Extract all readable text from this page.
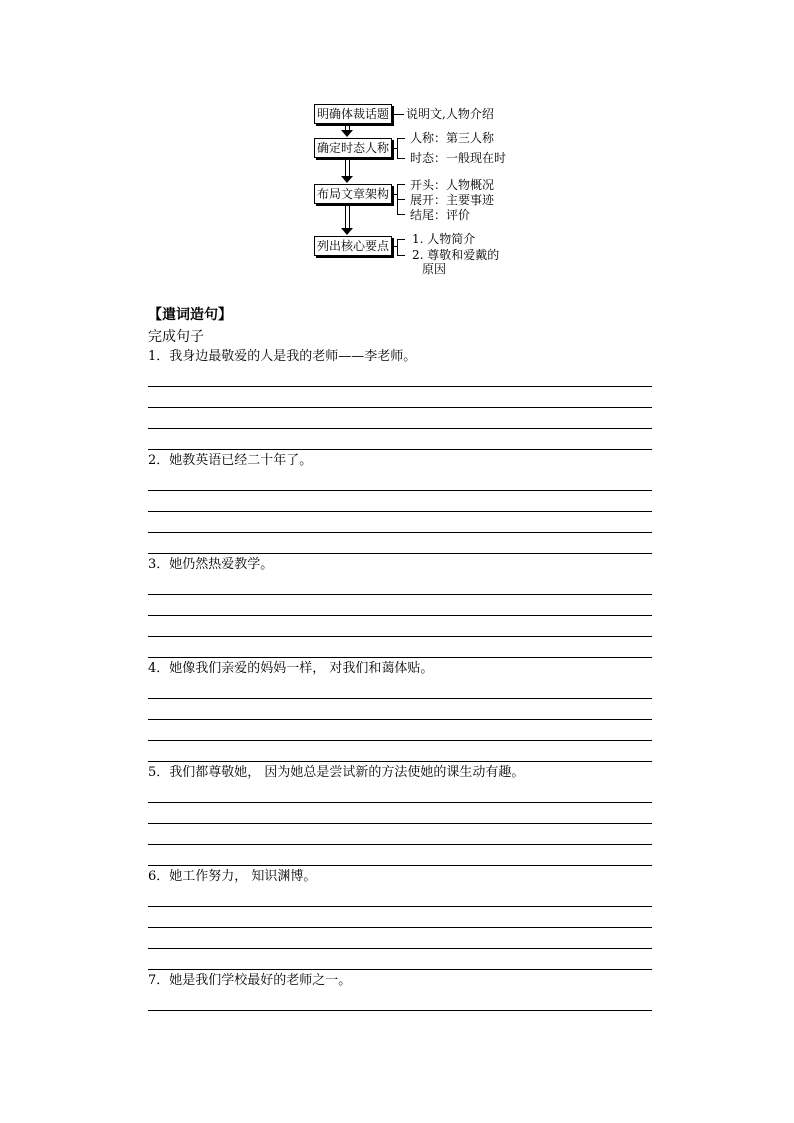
明确体裁话题
确定时态人称
布局文章架构
列出核心要点
说明文,人物介绍
人称：第三人称
时态：一般现在时
开头：人物概况
展开：主要事迹
结尾：评价
1. 人物简介
2. 尊敬和爱戴的
原因
【遣词造句】
完成句子
1．我身边最敬爱的人是我的老师——李老师。
2．她教英语已经二十年了。
3．她仍然热爱教学。
4．她像我们亲爱的妈妈一样， 对我们和蔼体贴。
5．我们都尊敬她， 因为她总是尝试新的方法使她的课生动有趣。
6．她工作努力， 知识渊博。
7．她是我们学校最好的老师之一。
